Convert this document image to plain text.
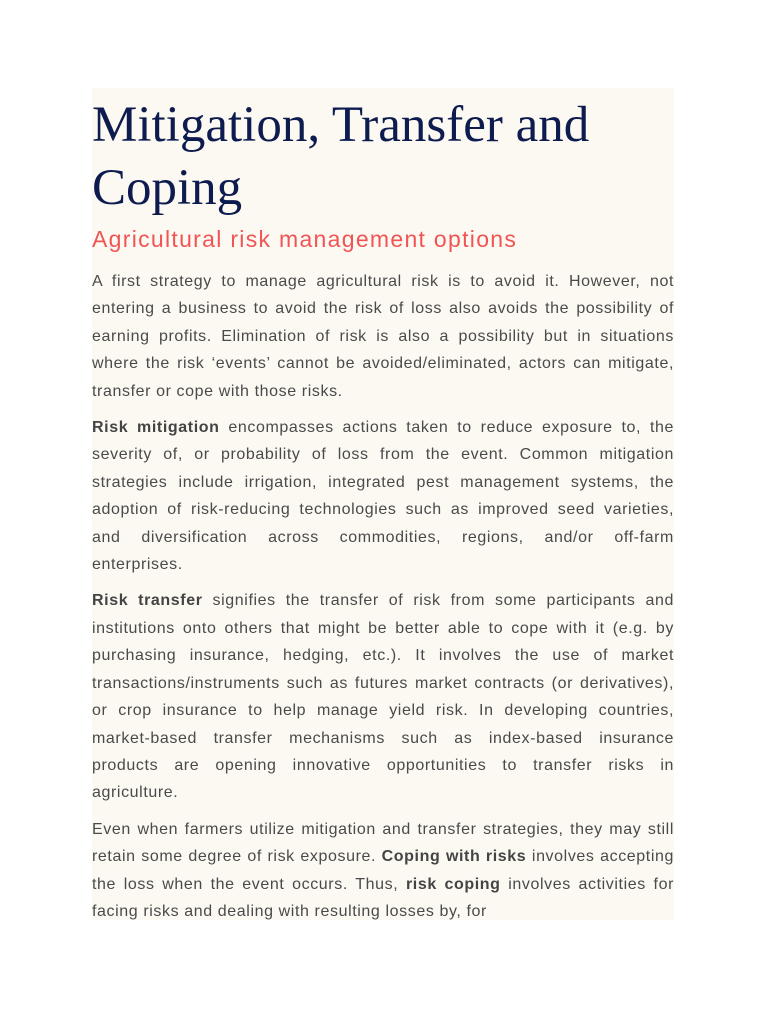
Mitigation, Transfer and Coping
Agricultural risk management options

A first strategy to manage agricultural risk is to avoid it. However, not entering a business to avoid the risk of loss also avoids the possibility of earning profits. Elimination of risk is also a possibility but in situations where the risk ‘events’ cannot be avoided/eliminated, actors can mitigate, transfer or cope with those risks.

Risk mitigation encompasses actions taken to reduce exposure to, the severity of, or probability of loss from the event. Common mitigation strategies include irrigation, integrated pest management systems, the adoption of risk-reducing technologies such as improved seed varieties, and diversification across commodities, regions, and/or off-farm enterprises.

Risk transfer signifies the transfer of risk from some participants and institutions onto others that might be better able to cope with it (e.g. by purchasing insurance, hedging, etc.). It involves the use of market transactions/instruments such as futures market contracts (or derivatives), or crop insurance to help manage yield risk. In developing countries, market-based transfer mechanisms such as index-based insurance products are opening innovative opportunities to transfer risks in agriculture.

Even when farmers utilize mitigation and transfer strategies, they may still retain some degree of risk exposure. Coping with risks involves accepting the loss when the event occurs. Thus, risk coping involves activities for facing risks and dealing with resulting losses by, for
